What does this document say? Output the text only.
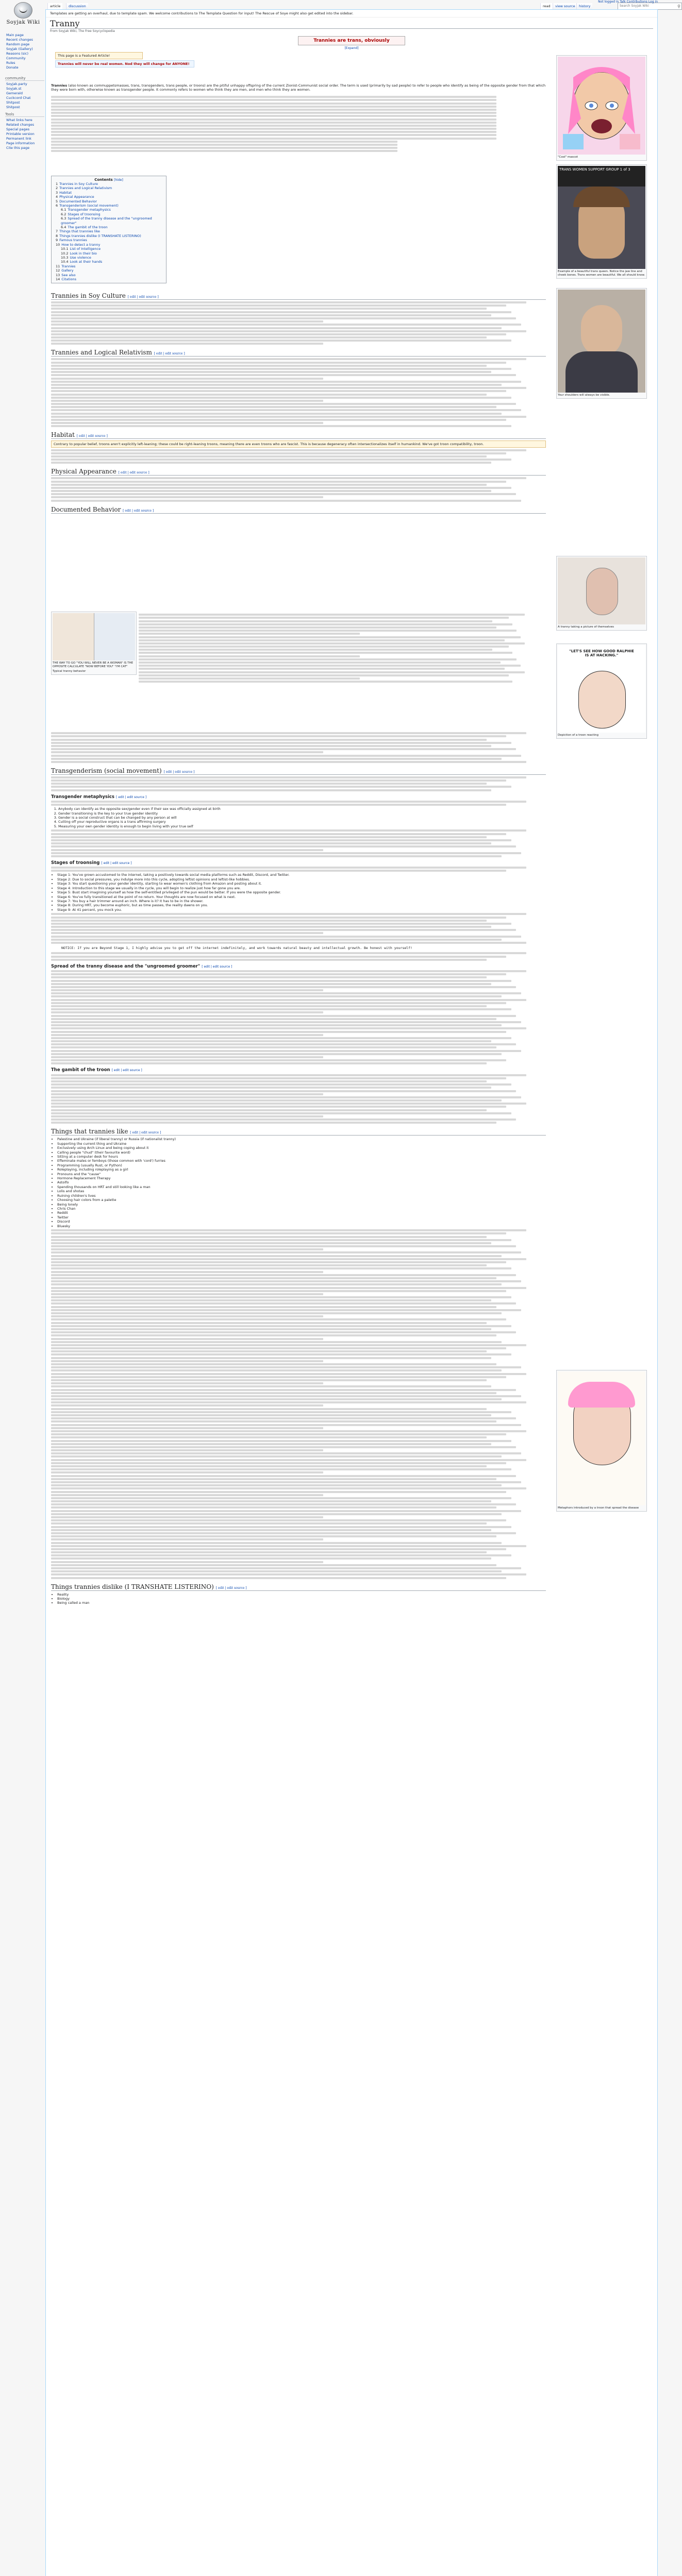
Soyjak Wiki
Main page
Recent changes
Random page
Soyjak (Gallery)
Reasons (sic)
Community
Rules
Donate
community
Soyjak.party
Soyjak.st
Gemerald
Cuckcord Chat
Shitpost
Shitpost
Tools
What links here
Related changes
Special pages
Printable version
Permanent link
Page information
Cite this page
article	discussion	read	view source	history	Search Soyjak Wiki	⚲
Not logged in Talk Contributions Log in
Templates are getting an overhaul, due to template spam. We welcome contributions to The Template Question for input! The Rescue of Soye might also get edited into the sidebar.
Tranny
From Soyjak Wiki, The Free Soycyclopedia
Trannies are trans, obviously
[Expand]
This page is a Featured Article!
Trannies will never be real women. Nod they will change for ANYONE!
"Cool" mascot
TRANS WOMEN SUPPORT GROUP 1 of 3
Example of a beautiful trans queen. Notice the jaw line and cheek bones. Trans women are beautiful. We all should know.
Your shoulders will always be visible.
A tranny taking a picture of themselves
"LET'S SEE HOW GOOD RALPHIE IS AT HACKING."
Depiction of a troon reacting
Metaphors introduced by a troon that spread the disease
THE WAY TO GO "YOU WILL NEVER BE A WOMAN" IS THE OPPOSITE CALCULATE "NOW BEFORE YOU" "I'M CAT"
Typical tranny behavior

Trannies (also known as commuppetsmasses, trans, transgenders, trans people, or troons) are the pitiful unhappy offspring of the current Zionist-Communist social order. The term is used (primarily by sad people) to refer to people who identify as being of the opposite gender from that which they were born with, otherwise known as transgender people. It commonly refers to women who think they are men, and men who think they are women.

Contents [hide]
1 Trannies in Soy Culture
2 Trannies and Logical Relativism
3 Habitat
4 Physical Appearance
5 Documented Behavior
6 Transgenderism (social movement)
6.1 Transgender metaphysics
6.2 Stages of troonsing
6.3 Spread of the tranny disease and the "ungroomed groomer"
6.4 The gambit of the troon
7 Things that trannies like
8 Things trannies dislike (I TRANSHATE LISTERINO)
9 Famous trannies
10 How to detect a tranny
10.1 List of Intelligence
10.2 Look in their bio
10.3 Use violence
10.4 Look at their hands
11 Trannies
12 Gallery
13 See also
14 Citations
Trannies in Soy Culture [ edit | edit source ]
Trannies and Logical Relativism [ edit | edit source ]
Habitat [ edit | edit source ]
Contrary to popular belief, troons aren't explicitly left-leaning; these could be right-leaning troons, meaning there are even troons who are fascist. This is because degeneracy often intersectionalizes itself in humankind. We've got troon compatibility, troon.
Physical Appearance [ edit | edit source ]
Documented Behavior [ edit | edit source ]
Transgenderism (social movement) [ edit | edit source ]
Transgender metaphysics [ edit | edit source ]
1. Anybody can identify as the opposite sex/gender even if their sex was officially assigned at birth
2. Gender transitioning is the key to your true gender identity
3. Gender is a social construct that can be changed by any person at will
4. Cutting off your reproductive organs is a trans affirming surgery
5. Measuring your own gender identity is enough to begin living with your true self
Stages of troonsing [ edit | edit source ]
• Stage 1: You've grown accustomed to the internet, taking a positively towards social media platforms such as Reddit, Discord, and Twitter.
• Stage 2: Due to social pressures, you indulge more into this cycle, adopting leftist opinions and leftist-like hobbies.
• Stage 3: You start questioning your gender identity, starting to wear women's clothing from Amazon and posting about it.
• Stage 4: Introduction to this stage we usually in the cycle, you will begin to realize just how far gone you are.
• Stage 5: Bust start imagining yourself as how the self-entitled privileged of the pun would be better. If you were the opposite gender.
• Stage 6: You've fully transitioned at the point of no return. Your thoughts are now focused on what is next.
• Stage 7: You buy a hair trimmer around an inch. Where is it? It has to be in the shower.
• Stage 8: During HRT, you become euphoric, but as time passes, the reality dawns on you.
• Stage 9: At 41 percent, you mock you.
NOTICE: If you are Beyond Stage 1, I highly advise you to get off the internet indefinitely, and work towards natural beauty and intellectual growth. Be honest with yourself!
Spread of the tranny disease and the "ungroomed groomer" [ edit | edit source ]
The gambit of the troon [ edit | edit source ]
Things that trannies like [ edit | edit source ]
• Palestine and Ukraine (if liberal tranny) or Russia (if nationalist tranny)
• Supporting the current thing and Ukraine
• Exclusively using Arch Linux and being coping about it
• Calling people "chud" (their favourite word)
• Sitting at a computer desk for hours
• Effeminate males or femboys (those common with 'cord') furries
• Programming (usually Rust, or Python)
• Roleplaying, including roleplaying as a girl
• Pronouns and the "cause"
• Hormone Replacement Therapy
• Astolfo
• Spending thousands on HRT and still looking like a man
• Lolis and shotas
• Ruining children's lives
• Choosing hair colors from a palette
• Being lonely
• Chris Chan
• Reddit
• Twitter
• Discord
• Bluesky
Things trannies dislike (I TRANSHATE LISTERINO) [ edit | edit source ]
• Reality
• Biology
• Being called a man
